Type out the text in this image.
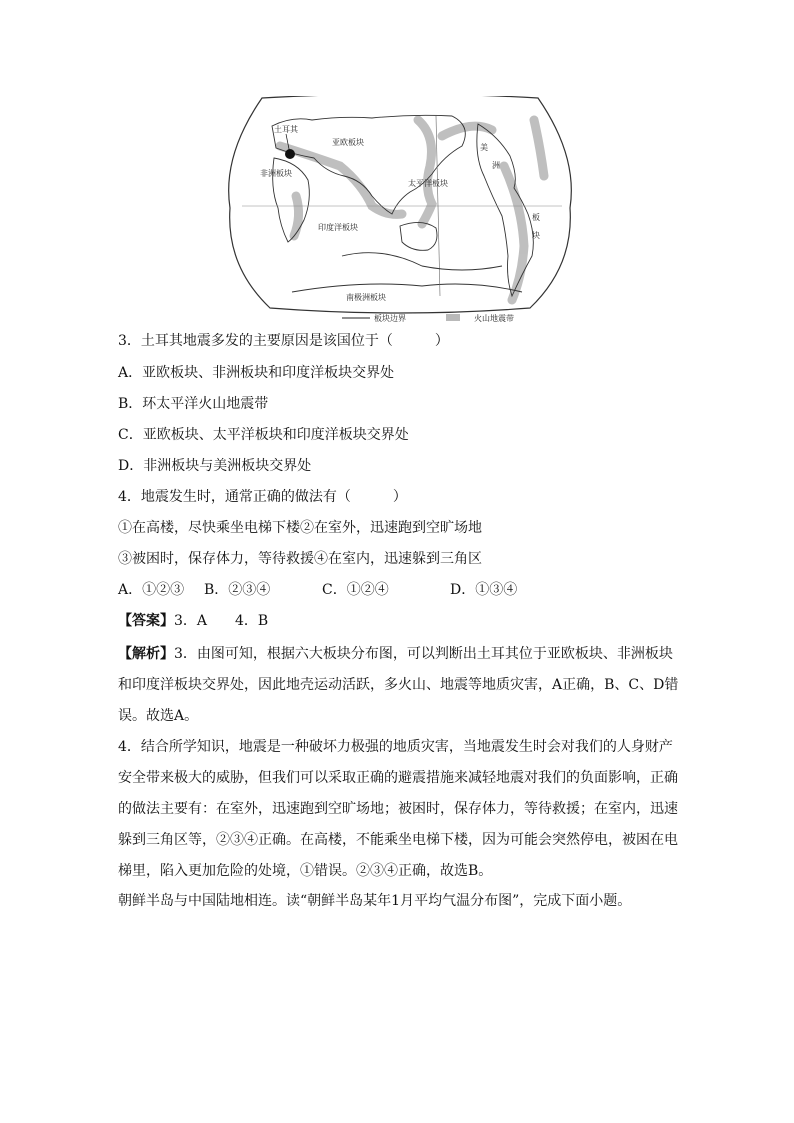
土耳其
亚欧板块
非洲板块
太平洋板块
美
洲
板
块
印度洋板块
南极洲板块
板块边界	火山地震带
3．土耳其地震多发的主要原因是该国位于（　　　）
A．亚欧板块、非洲板块和印度洋板块交界处
B．环太平洋火山地震带
C．亚欧板块、太平洋板块和印度洋板块交界处
D．非洲板块与美洲板块交界处
4．地震发生时，通常正确的做法有（　　　）
①在高楼，尽快乘坐电梯下楼②在室外，迅速跑到空旷场地
③被困时，保存体力，等待救援④在室内，迅速躲到三角区
A．①②③ B．②③④	C．①②④	D．①③④
【答案】3．A　　4．B
【解析】3．由图可知，根据六大板块分布图，可以判断出土耳其位于亚欧板块、非洲板块
和印度洋板块交界处，因此地壳运动活跃，多火山、地震等地质灾害，A正确，B、C、D错
误。故选A。
4．结合所学知识，地震是一种破坏力极强的地质灾害，当地震发生时会对我们的人身财产
安全带来极大的威胁，但我们可以采取正确的避震措施来减轻地震对我们的负面影响，正确
的做法主要有：在室外，迅速跑到空旷场地；被困时，保存体力，等待救援；在室内，迅速
躲到三角区等，②③④正确。在高楼，不能乘坐电梯下楼，因为可能会突然停电，被困在电
梯里，陷入更加危险的处境，①错误。②③④正确，故选B。
朝鲜半岛与中国陆地相连。读“朝鲜半岛某年1月平均气温分布图”，完成下面小题。
